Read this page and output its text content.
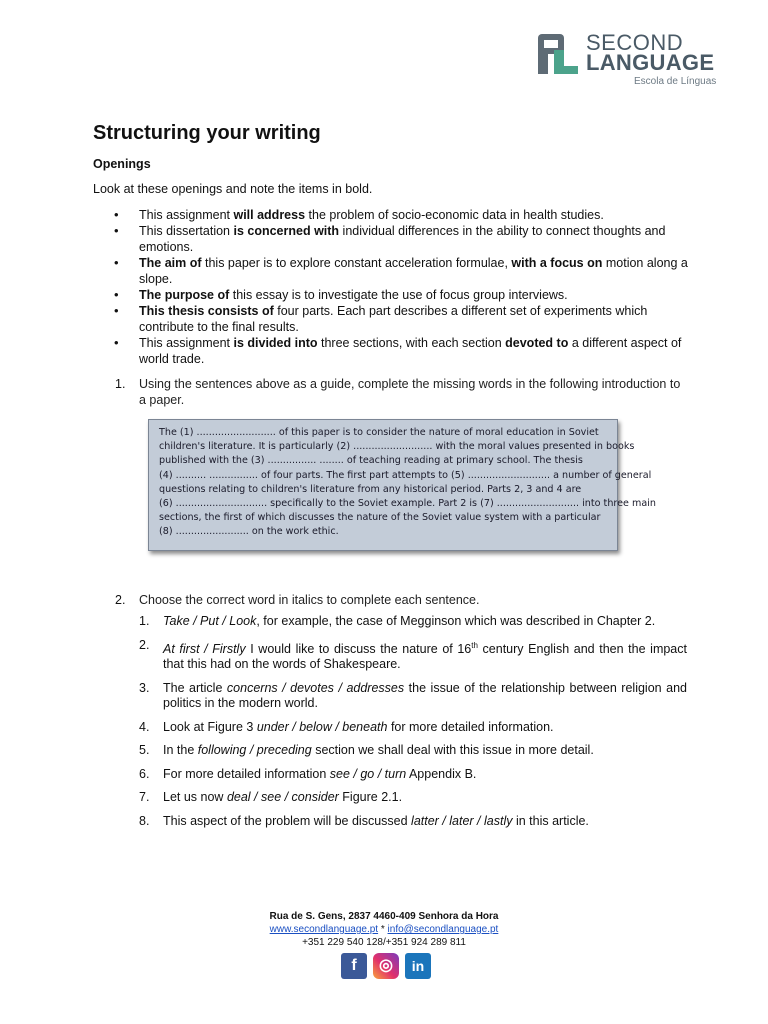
SECOND
LANGUAGE
Escola de Línguas
Structuring your writing
Openings
Look at these openings and note the items in bold.
• This assignment will address the problem of socio-economic data in health studies.
• This dissertation is concerned with individual differences in the ability to connect thoughts and emotions.
• The aim of this paper is to explore constant acceleration formulae, with a focus on motion along a slope.
• The purpose of this essay is to investigate the use of focus group interviews.
• This thesis consists of four parts. Each part describes a different set of experiments which contribute to the final results.
• This assignment is divided into three sections, with each section devoted to a different aspect of world trade.
1. Using the sentences above as a guide, complete the missing words in the following introduction to a paper.
The (1) .......................... of this paper is to consider the nature of moral education in Soviet
children's literature. It is particularly (2) .......................... with the moral values presented in books
published with the (3) ................ ........ of teaching reading at primary school. The thesis
(4) .......... ................ of four parts. The first part attempts to (5) ........................... a number of general
questions relating to children's literature from any historical period. Parts 2, 3 and 4 are
(6) .............................. specifically to the Soviet example. Part 2 is (7) ........................... into three main
sections, the first of which discusses the nature of the Soviet value system with a particular
(8) ........................ on the work ethic.
2. Choose the correct word in italics to complete each sentence.
1. Take / Put / Look, for example, the case of Megginson which was described in Chapter 2.
2. At first / Firstly I would like to discuss the nature of 16th century English and then the impact that this had on the words of Shakespeare.
3. The article concerns / devotes / addresses the issue of the relationship between religion and politics in the modern world.
4. Look at Figure 3 under / below / beneath for more detailed information.
5. In the following / preceding section we shall deal with this issue in more detail.
6. For more detailed information see / go / turn Appendix B.
7. Let us now deal / see / consider Figure 2.1.
8. This aspect of the problem will be discussed latter / later / lastly in this article.
Rua de S. Gens, 2837 4460-409 Senhora da Hora
www.secondlanguage.pt * info@secondlanguage.pt
+351 229 540 128/+351 924 289 811
f	◎	in
